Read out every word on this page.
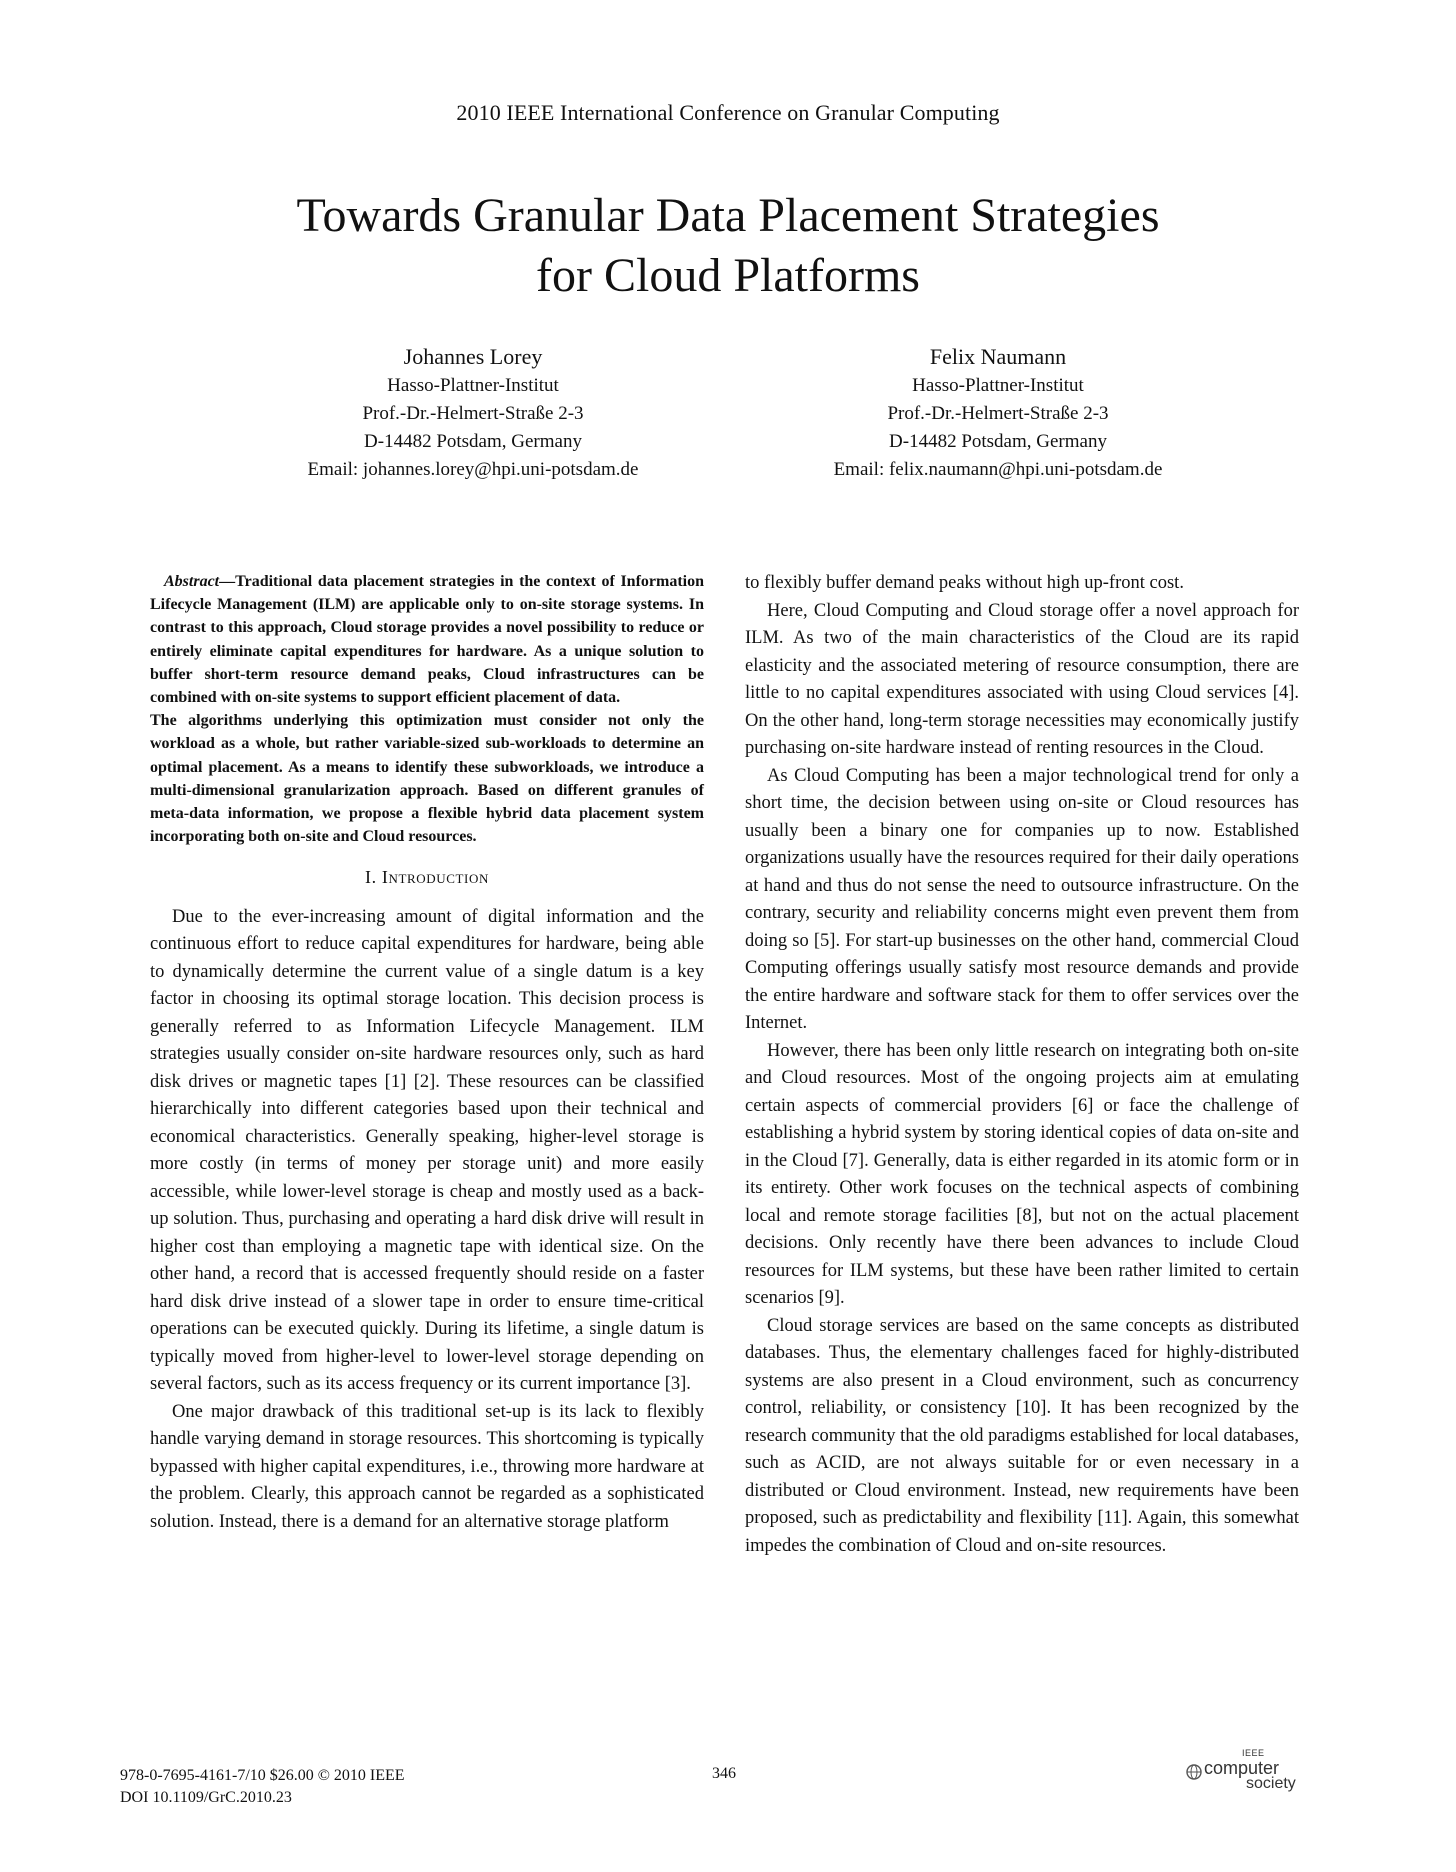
2010 IEEE International Conference on Granular Computing
Towards Granular Data Placement Strategies
for Cloud Platforms
Johannes Lorey
Hasso-Plattner-Institut
Prof.-Dr.-Helmert-Straße 2-3
D-14482 Potsdam, Germany
Email: johannes.lorey@hpi.uni-potsdam.de
Felix Naumann
Hasso-Plattner-Institut
Prof.-Dr.-Helmert-Straße 2-3
D-14482 Potsdam, Germany
Email: felix.naumann@hpi.uni-potsdam.de

Abstract—Traditional data placement strategies in the context of Information Lifecycle Management (ILM) are applicable only to on-site storage systems. In contrast to this approach, Cloud storage provides a novel possibility to reduce or entirely eliminate capital expenditures for hardware. As a unique solution to buffer short-term resource demand peaks, Cloud infrastructures can be combined with on-site systems to support efficient placement of data.

The algorithms underlying this optimization must consider not only the workload as a whole, but rather variable-sized sub-workloads to determine an optimal placement. As a means to identify these subworkloads, we introduce a multi-dimensional granularization approach. Based on different granules of meta-data information, we propose a flexible hybrid data placement system incorporating both on-site and Cloud resources.

I. Introduction

Due to the ever-increasing amount of digital information and the continuous effort to reduce capital expenditures for hardware, being able to dynamically determine the current value of a single datum is a key factor in choosing its optimal storage location. This decision process is generally referred to as Information Lifecycle Management. ILM strategies usually consider on-site hardware resources only, such as hard disk drives or magnetic tapes [1] [2]. These resources can be classified hierarchically into different categories based upon their technical and economical characteristics. Generally speaking, higher-level storage is more costly (in terms of money per storage unit) and more easily accessible, while lower-level storage is cheap and mostly used as a back-up solution. Thus, purchasing and operating a hard disk drive will result in higher cost than employing a magnetic tape with identical size. On the other hand, a record that is accessed frequently should reside on a faster hard disk drive instead of a slower tape in order to ensure time-critical operations can be executed quickly. During its lifetime, a single datum is typically moved from higher-level to lower-level storage depending on several factors, such as its access frequency or its current importance [3].

One major drawback of this traditional set-up is its lack to flexibly handle varying demand in storage resources. This shortcoming is typically bypassed with higher capital expenditures, i.e., throwing more hardware at the problem. Clearly, this approach cannot be regarded as a sophisticated solution. Instead, there is a demand for an alternative storage platform

to flexibly buffer demand peaks without high up-front cost.

Here, Cloud Computing and Cloud storage offer a novel approach for ILM. As two of the main characteristics of the Cloud are its rapid elasticity and the associated metering of resource consumption, there are little to no capital expenditures associated with using Cloud services [4]. On the other hand, long-term storage necessities may economically justify purchasing on-site hardware instead of renting resources in the Cloud.

As Cloud Computing has been a major technological trend for only a short time, the decision between using on-site or Cloud resources has usually been a binary one for companies up to now. Established organizations usually have the resources required for their daily operations at hand and thus do not sense the need to outsource infrastructure. On the contrary, security and reliability concerns might even prevent them from doing so [5]. For start-up businesses on the other hand, commercial Cloud Computing offerings usually satisfy most resource demands and provide the entire hardware and software stack for them to offer services over the Internet.

However, there has been only little research on integrating both on-site and Cloud resources. Most of the ongoing projects aim at emulating certain aspects of commercial providers [6] or face the challenge of establishing a hybrid system by storing identical copies of data on-site and in the Cloud [7]. Generally, data is either regarded in its atomic form or in its entirety. Other work focuses on the technical aspects of combining local and remote storage facilities [8], but not on the actual placement decisions. Only recently have there been advances to include Cloud resources for ILM systems, but these have been rather limited to certain scenarios [9].

Cloud storage services are based on the same concepts as distributed databases. Thus, the elementary challenges faced for highly-distributed systems are also present in a Cloud environment, such as concurrency control, reliability, or consistency [10]. It has been recognized by the research community that the old paradigms established for local databases, such as ACID, are not always suitable for or even necessary in a distributed or Cloud environment. Instead, new requirements have been proposed, such as predictability and flexibility [11]. Again, this somewhat impedes the combination of Cloud and on-site resources.

978-0-7695-4161-7/10 $26.00 © 2010 IEEE
DOI 10.1109/GrC.2010.23
346
IEEE
computer
society
